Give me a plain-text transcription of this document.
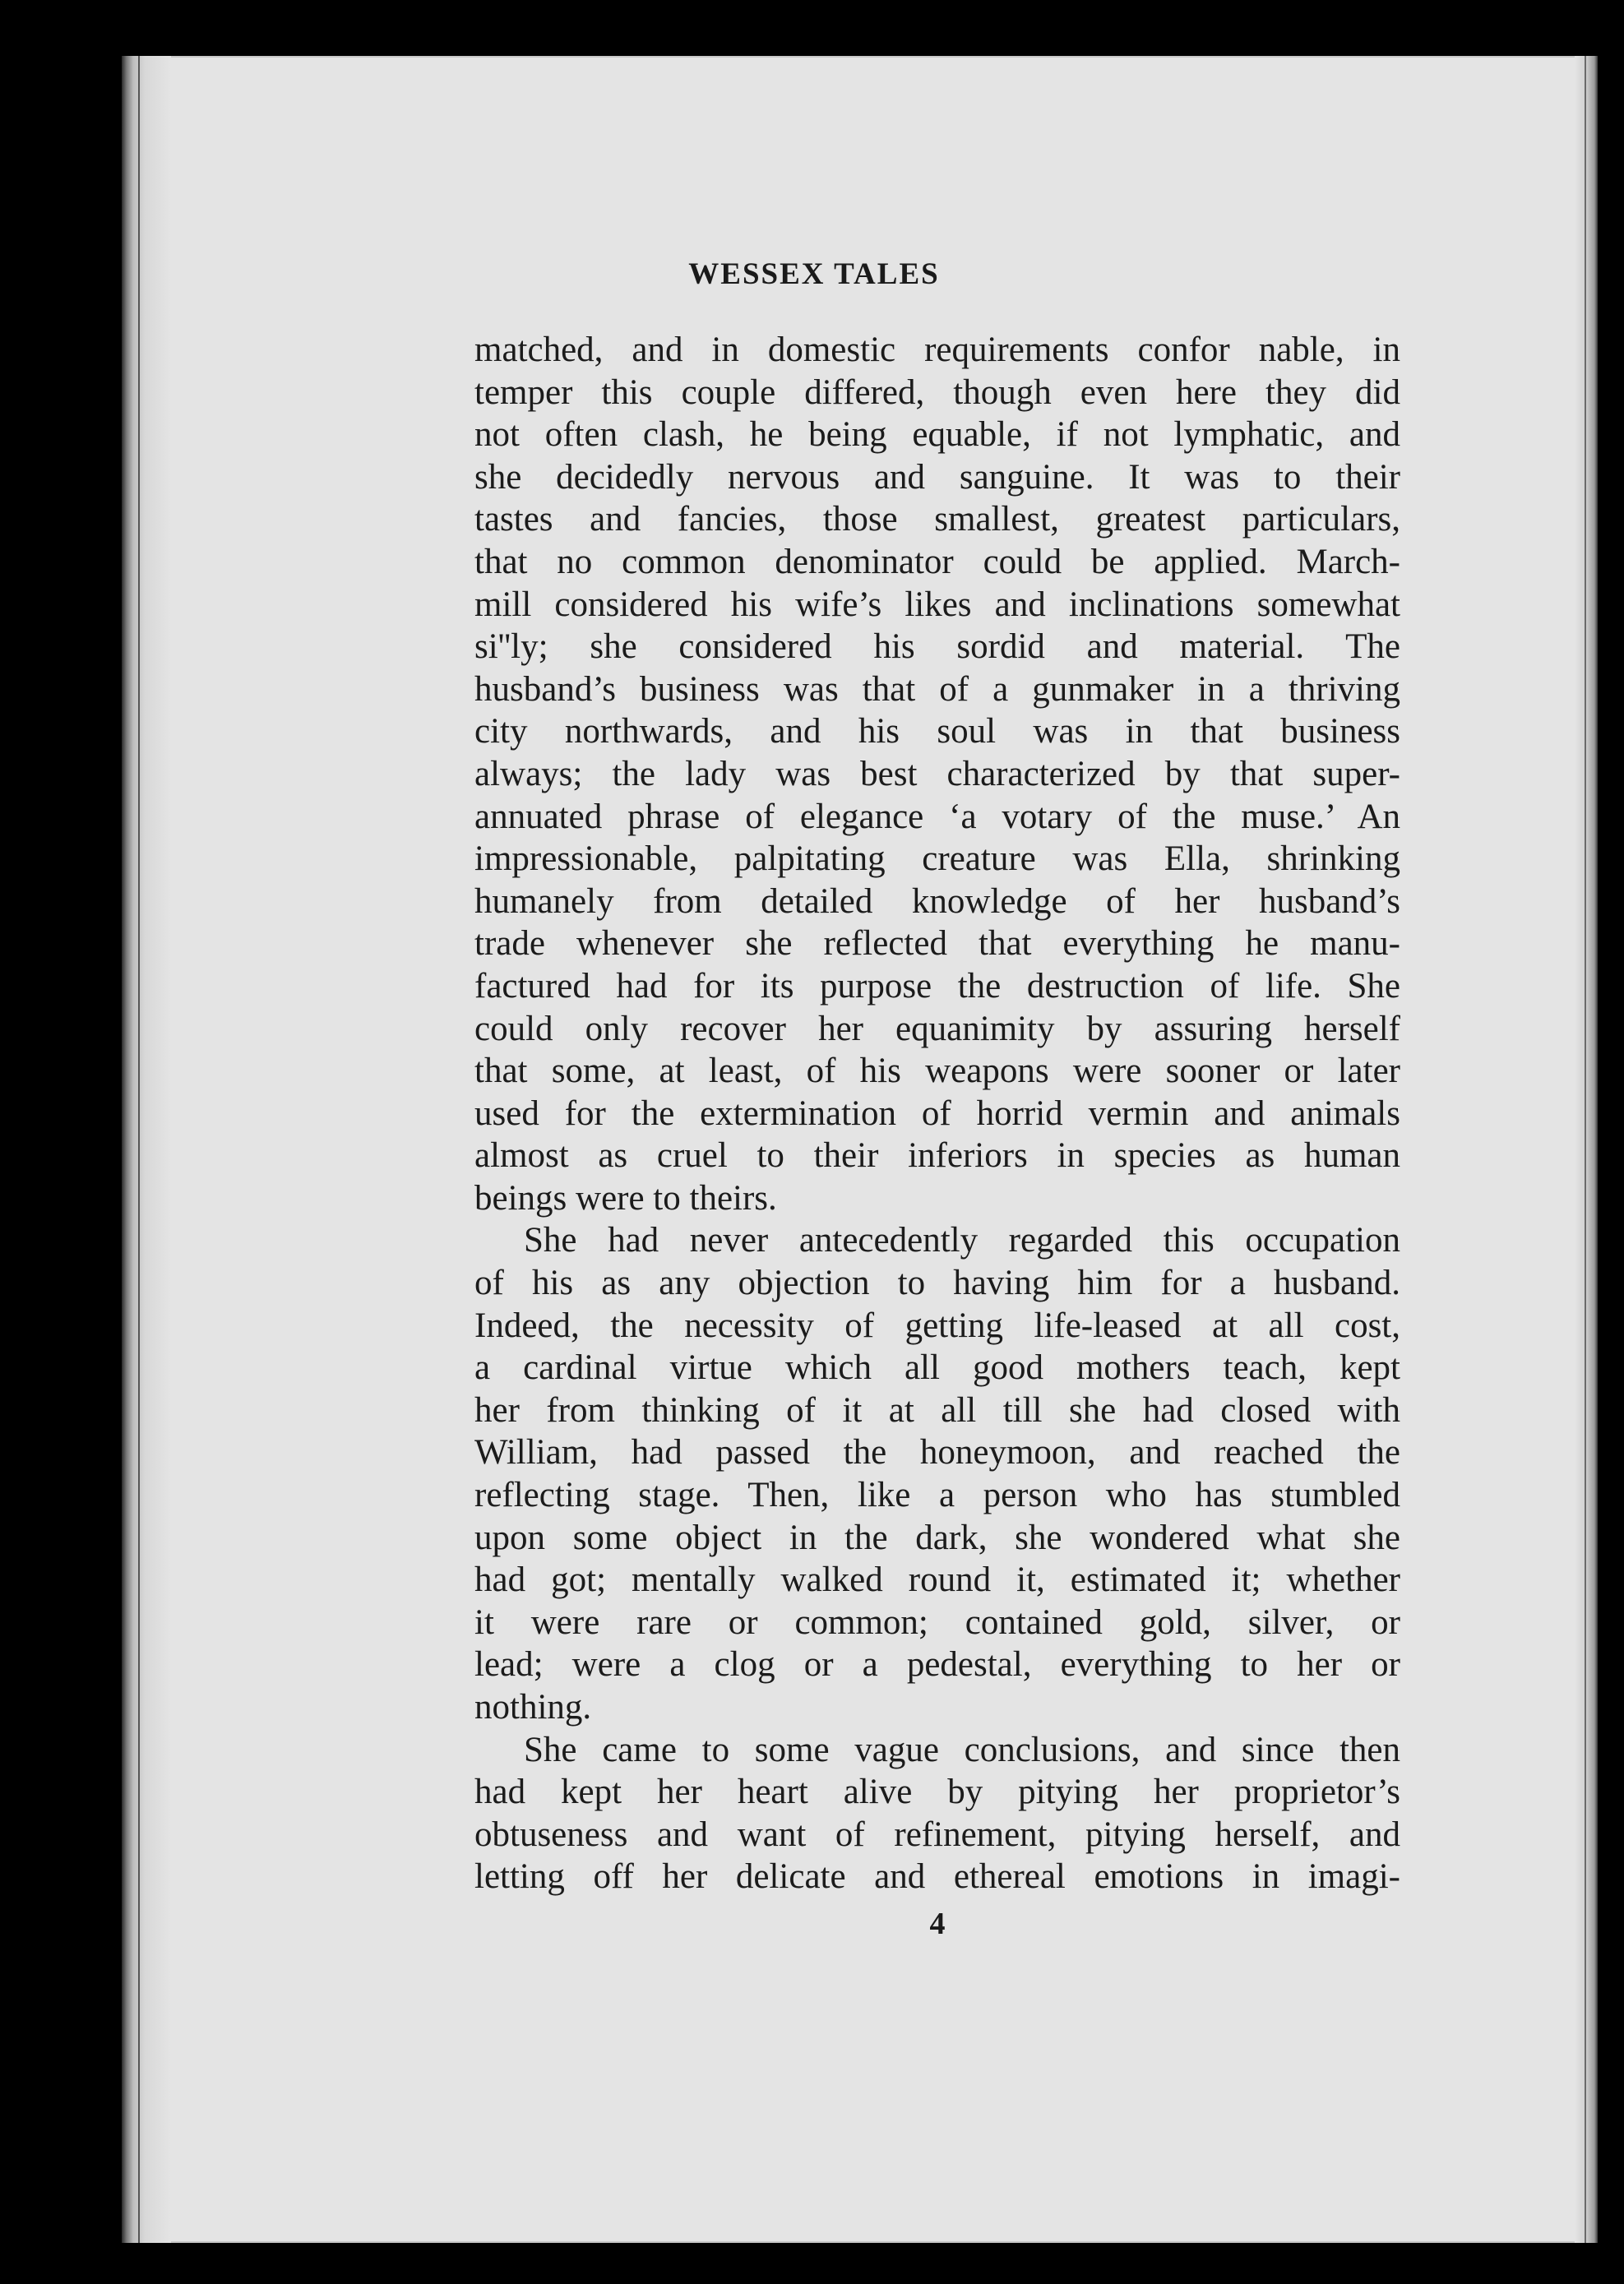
WESSEX TALES
matched, and in domestic requirements confor nable, in
temper this couple differed, though even here they did
not often clash, he being equable, if not lymphatic, and
she decidedly nervous and sanguine. It was to their
tastes and fancies, those smallest, greatest particulars,
that no common denominator could be applied. March-
mill considered his wife’s likes and inclinations somewhat
si''ly; she considered his sordid and material. The
husband’s business was that of a gunmaker in a thriving
city northwards, and his soul was in that business
always; the lady was best characterized by that super-
annuated phrase of elegance ‘a votary of the muse.’ An
impressionable, palpitating creature was Ella, shrinking
humanely from detailed knowledge of her husband’s
trade whenever she reflected that everything he manu-
factured had for its purpose the destruction of life. She
could only recover her equanimity by assuring herself
that some, at least, of his weapons were sooner or later
used for the extermination of horrid vermin and animals
almost as cruel to their inferiors in species as human
beings were to theirs.
She had never antecedently regarded this occupation
of his as any objection to having him for a husband.
Indeed, the necessity of getting life-leased at all cost,
a cardinal virtue which all good mothers teach, kept
her from thinking of it at all till she had closed with
William, had passed the honeymoon, and reached the
reflecting stage. Then, like a person who has stumbled
upon some object in the dark, she wondered what she
had got; mentally walked round it, estimated it; whether
it were rare or common; contained gold, silver, or
lead; were a clog or a pedestal, everything to her or
nothing.
She came to some vague conclusions, and since then
had kept her heart alive by pitying her proprietor’s
obtuseness and want of refinement, pitying herself, and
letting off her delicate and ethereal emotions in imagi-
4
